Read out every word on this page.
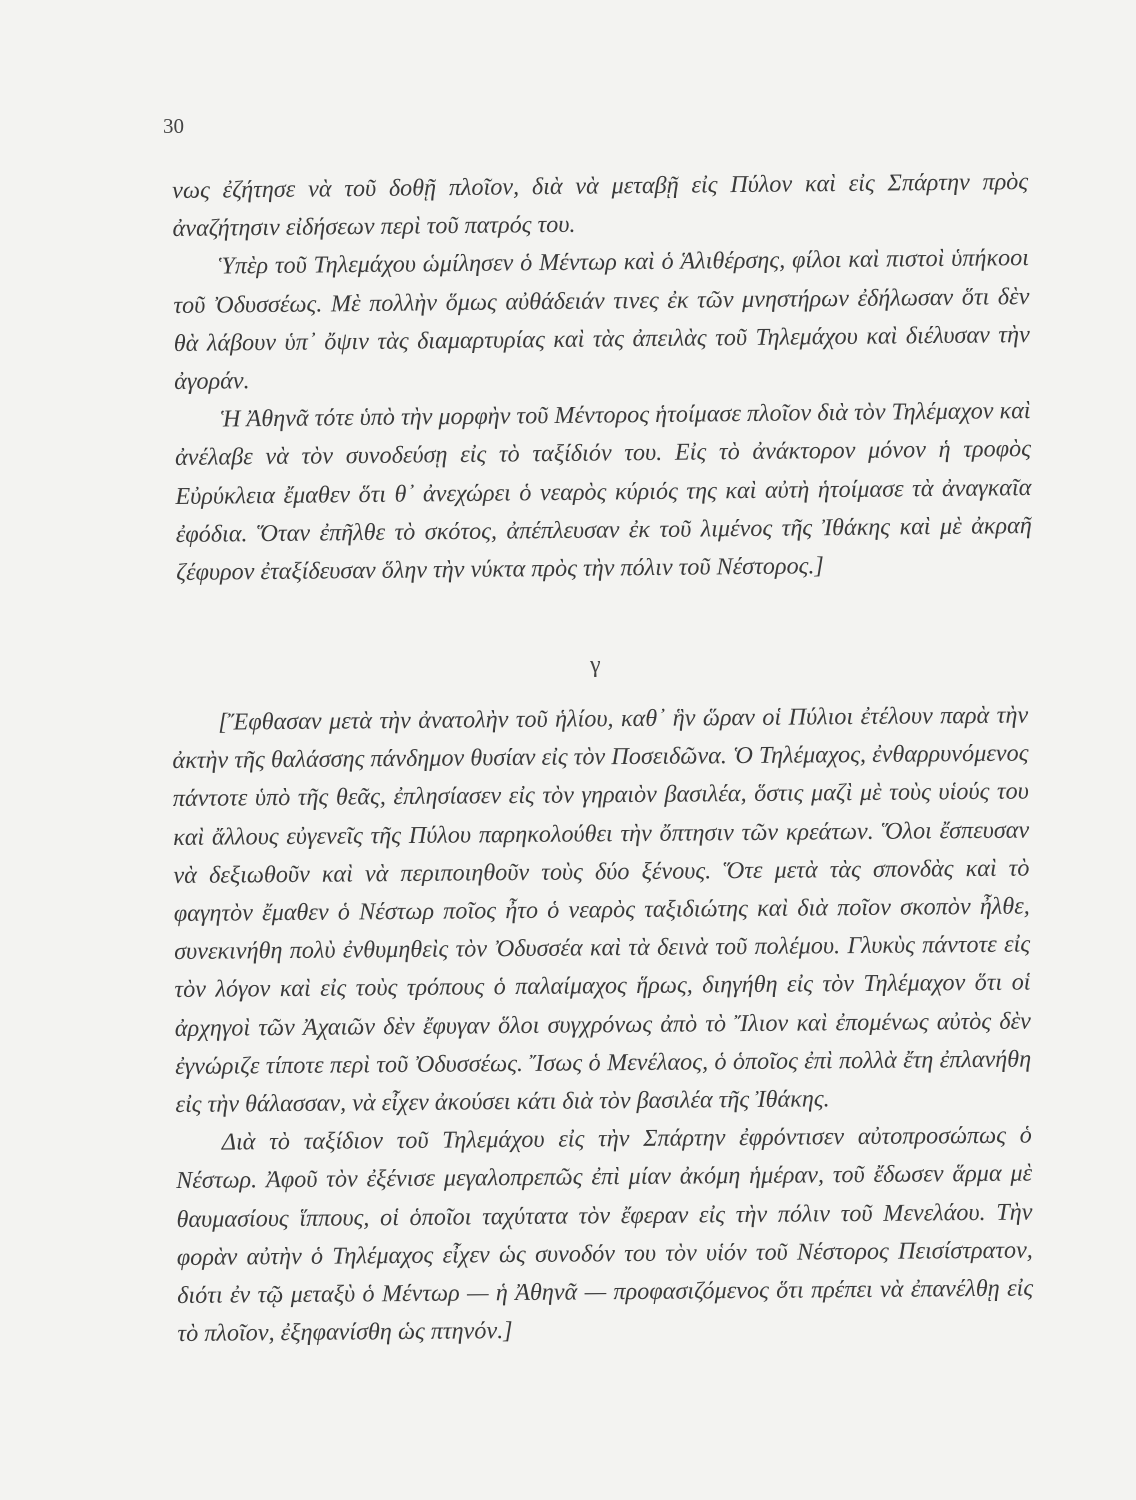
30

νως ἐζήτησε νὰ τοῦ δοθῇ πλοῖον, διὰ νὰ μεταβῇ εἰς Πύλον καὶ εἰς Σπάρτην πρὸς ἀναζήτησιν εἰδήσεων περὶ τοῦ πατρός του.

Ὑπὲρ τοῦ Τηλεμάχου ὡμίλησεν ὁ Μέντωρ καὶ ὁ Ἁλιθέρσης, φίλοι καὶ πιστοὶ ὑπήκοοι τοῦ Ὀδυσσέως. Μὲ πολλὴν ὅμως αὐθάδειάν τινες ἐκ τῶν μνηστήρων ἐδήλωσαν ὅτι δὲν θὰ λάβουν ὑπ᾽ ὄψιν τὰς διαμαρτυρίας καὶ τὰς ἀπειλὰς τοῦ Τηλεμάχου καὶ διέλυσαν τὴν ἀγοράν.

Ἡ Ἀθηνᾶ τότε ὑπὸ τὴν μορφὴν τοῦ Μέντορος ἡτοίμασε πλοῖον διὰ τὸν Τηλέμαχον καὶ ἀνέλαβε νὰ τὸν συνοδεύσῃ εἰς τὸ ταξίδιόν του. Εἰς τὸ ἀνάκτορον μόνον ἡ τροφὸς Εὐρύκλεια ἔμαθεν ὅτι θ᾽ ἀνεχώρει ὁ νεαρὸς κύριός της καὶ αὐτὴ ἡτοίμασε τὰ ἀναγκαῖα ἐφόδια. Ὅταν ἐπῆλθε τὸ σκότος, ἀπέπλευσαν ἐκ τοῦ λιμένος τῆς Ἰθάκης καὶ μὲ ἀκραῆ ζέφυρον ἐταξίδευσαν ὅλην τὴν νύκτα πρὸς τὴν πόλιν τοῦ Νέστορος.]

γ

[Ἔφθασαν μετὰ τὴν ἀνατολὴν τοῦ ἡλίου, καθ᾽ ἣν ὥραν οἱ Πύλιοι ἐτέλουν παρὰ τὴν ἀκτὴν τῆς θαλάσσης πάνδημον θυσίαν εἰς τὸν Ποσειδῶνα. Ὁ Τηλέμαχος, ἐνθαρρυνόμενος πάντοτε ὑπὸ τῆς θεᾶς, ἐπλησίασεν εἰς τὸν γηραιὸν βασιλέα, ὅστις μαζὶ μὲ τοὺς υἱούς του καὶ ἄλλους εὐγενεῖς τῆς Πύλου παρηκολούθει τὴν ὄπτησιν τῶν κρεάτων. Ὅλοι ἔσπευσαν νὰ δεξιωθοῦν καὶ νὰ περιποιηθοῦν τοὺς δύο ξένους. Ὅτε μετὰ τὰς σπονδὰς καὶ τὸ φαγητὸν ἔμαθεν ὁ Νέστωρ ποῖος ἦτο ὁ νεαρὸς ταξιδιώτης καὶ διὰ ποῖον σκοπὸν ἦλθε, συνεκινήθη πολὺ ἐνθυμηθεὶς τὸν Ὀδυσσέα καὶ τὰ δεινὰ τοῦ πολέμου. Γλυκὺς πάντοτε εἰς τὸν λόγον καὶ εἰς τοὺς τρόπους ὁ παλαίμαχος ἥρως, διηγήθη εἰς τὸν Τηλέμαχον ὅτι οἱ ἀρχηγοὶ τῶν Ἀχαιῶν δὲν ἔφυγαν ὅλοι συγχρόνως ἀπὸ τὸ Ἴλιον καὶ ἐπομένως αὐτὸς δὲν ἐγνώριζε τίποτε περὶ τοῦ Ὀδυσσέως. Ἴσως ὁ Μενέλαος, ὁ ὁποῖος ἐπὶ πολλὰ ἔτη ἐπλανήθη εἰς τὴν θάλασσαν, νὰ εἶχεν ἀκούσει κάτι διὰ τὸν βασιλέα τῆς Ἰθάκης.

Διὰ τὸ ταξίδιον τοῦ Τηλεμάχου εἰς τὴν Σπάρτην ἐφρόντισεν αὐτοπροσώπως ὁ Νέστωρ. Ἀφοῦ τὸν ἐξένισε μεγαλοπρεπῶς ἐπὶ μίαν ἀκόμη ἡμέραν, τοῦ ἔδωσεν ἅρμα μὲ θαυμασίους ἵππους, οἱ ὁποῖοι ταχύτατα τὸν ἔφεραν εἰς τὴν πόλιν τοῦ Μενελάου. Τὴν φορὰν αὐτὴν ὁ Τηλέμαχος εἶχεν ὡς συνοδόν του τὸν υἱόν τοῦ Νέστορος Πεισίστρατον, διότι ἐν τῷ μεταξὺ ὁ Μέντωρ — ἡ Ἀθηνᾶ — προφασιζόμενος ὅτι πρέπει νὰ ἐπανέλθῃ εἰς τὸ πλοῖον, ἐξηφανίσθη ὡς πτηνόν.]
